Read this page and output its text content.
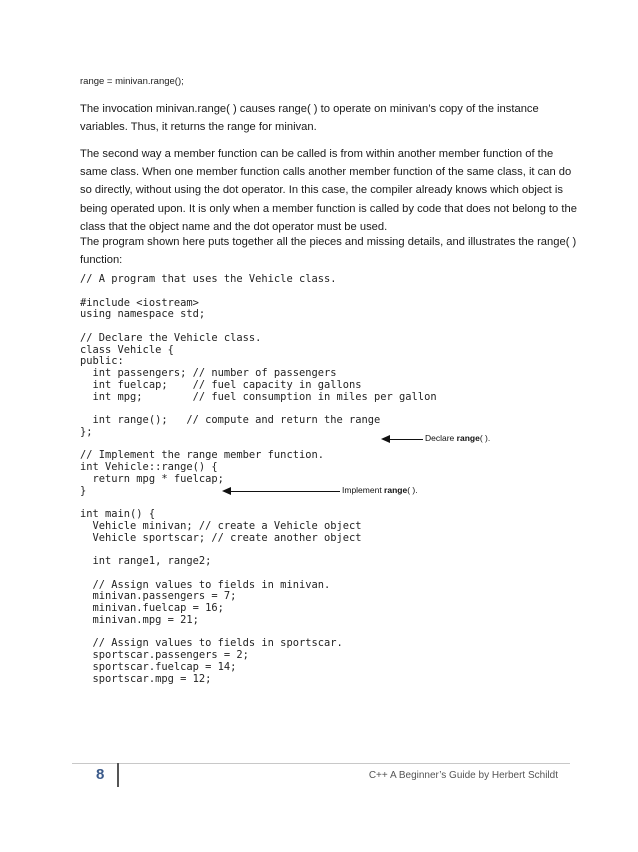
range = minivan.range();
The invocation minivan.range( ) causes range( ) to operate on minivan’s copy of the instance variables. Thus, it returns the range for minivan.
The second way a member function can be called is from within another member function of the same class. When one member function calls another member function of the same class, it can do so directly, without using the dot operator. In this case, the compiler already knows which object is being operated upon. It is only when a member function is called by code that does not belong to the class that the object name and the dot operator must be used.
The program shown here puts together all the pieces and missing details, and illustrates the range( ) function:
// A program that uses the Vehicle class.
#include <iostream>
using namespace std;
// Declare the Vehicle class.
class Vehicle {
public:
int passengers; // number of passengers
int fuelcap;    // fuel capacity in gallons
int mpg;        // fuel consumption in miles per gallon
int range();   // compute and return the range
};
// Implement the range member function.
int Vehicle::range() {
return mpg * fuelcap;
}
int main() {
Vehicle minivan; // create a Vehicle object
Vehicle sportscar; // create another object
int range1, range2;
// Assign values to fields in minivan.
minivan.passengers = 7;
minivan.fuelcap = 16;
minivan.mpg = 21;
// Assign values to fields in sportscar.
sportscar.passengers = 2;
sportscar.fuelcap = 14;
sportscar.mpg = 12;
Declare range( ).
Implement range( ).
8	C++ A Beginner’s Guide by Herbert Schildt
